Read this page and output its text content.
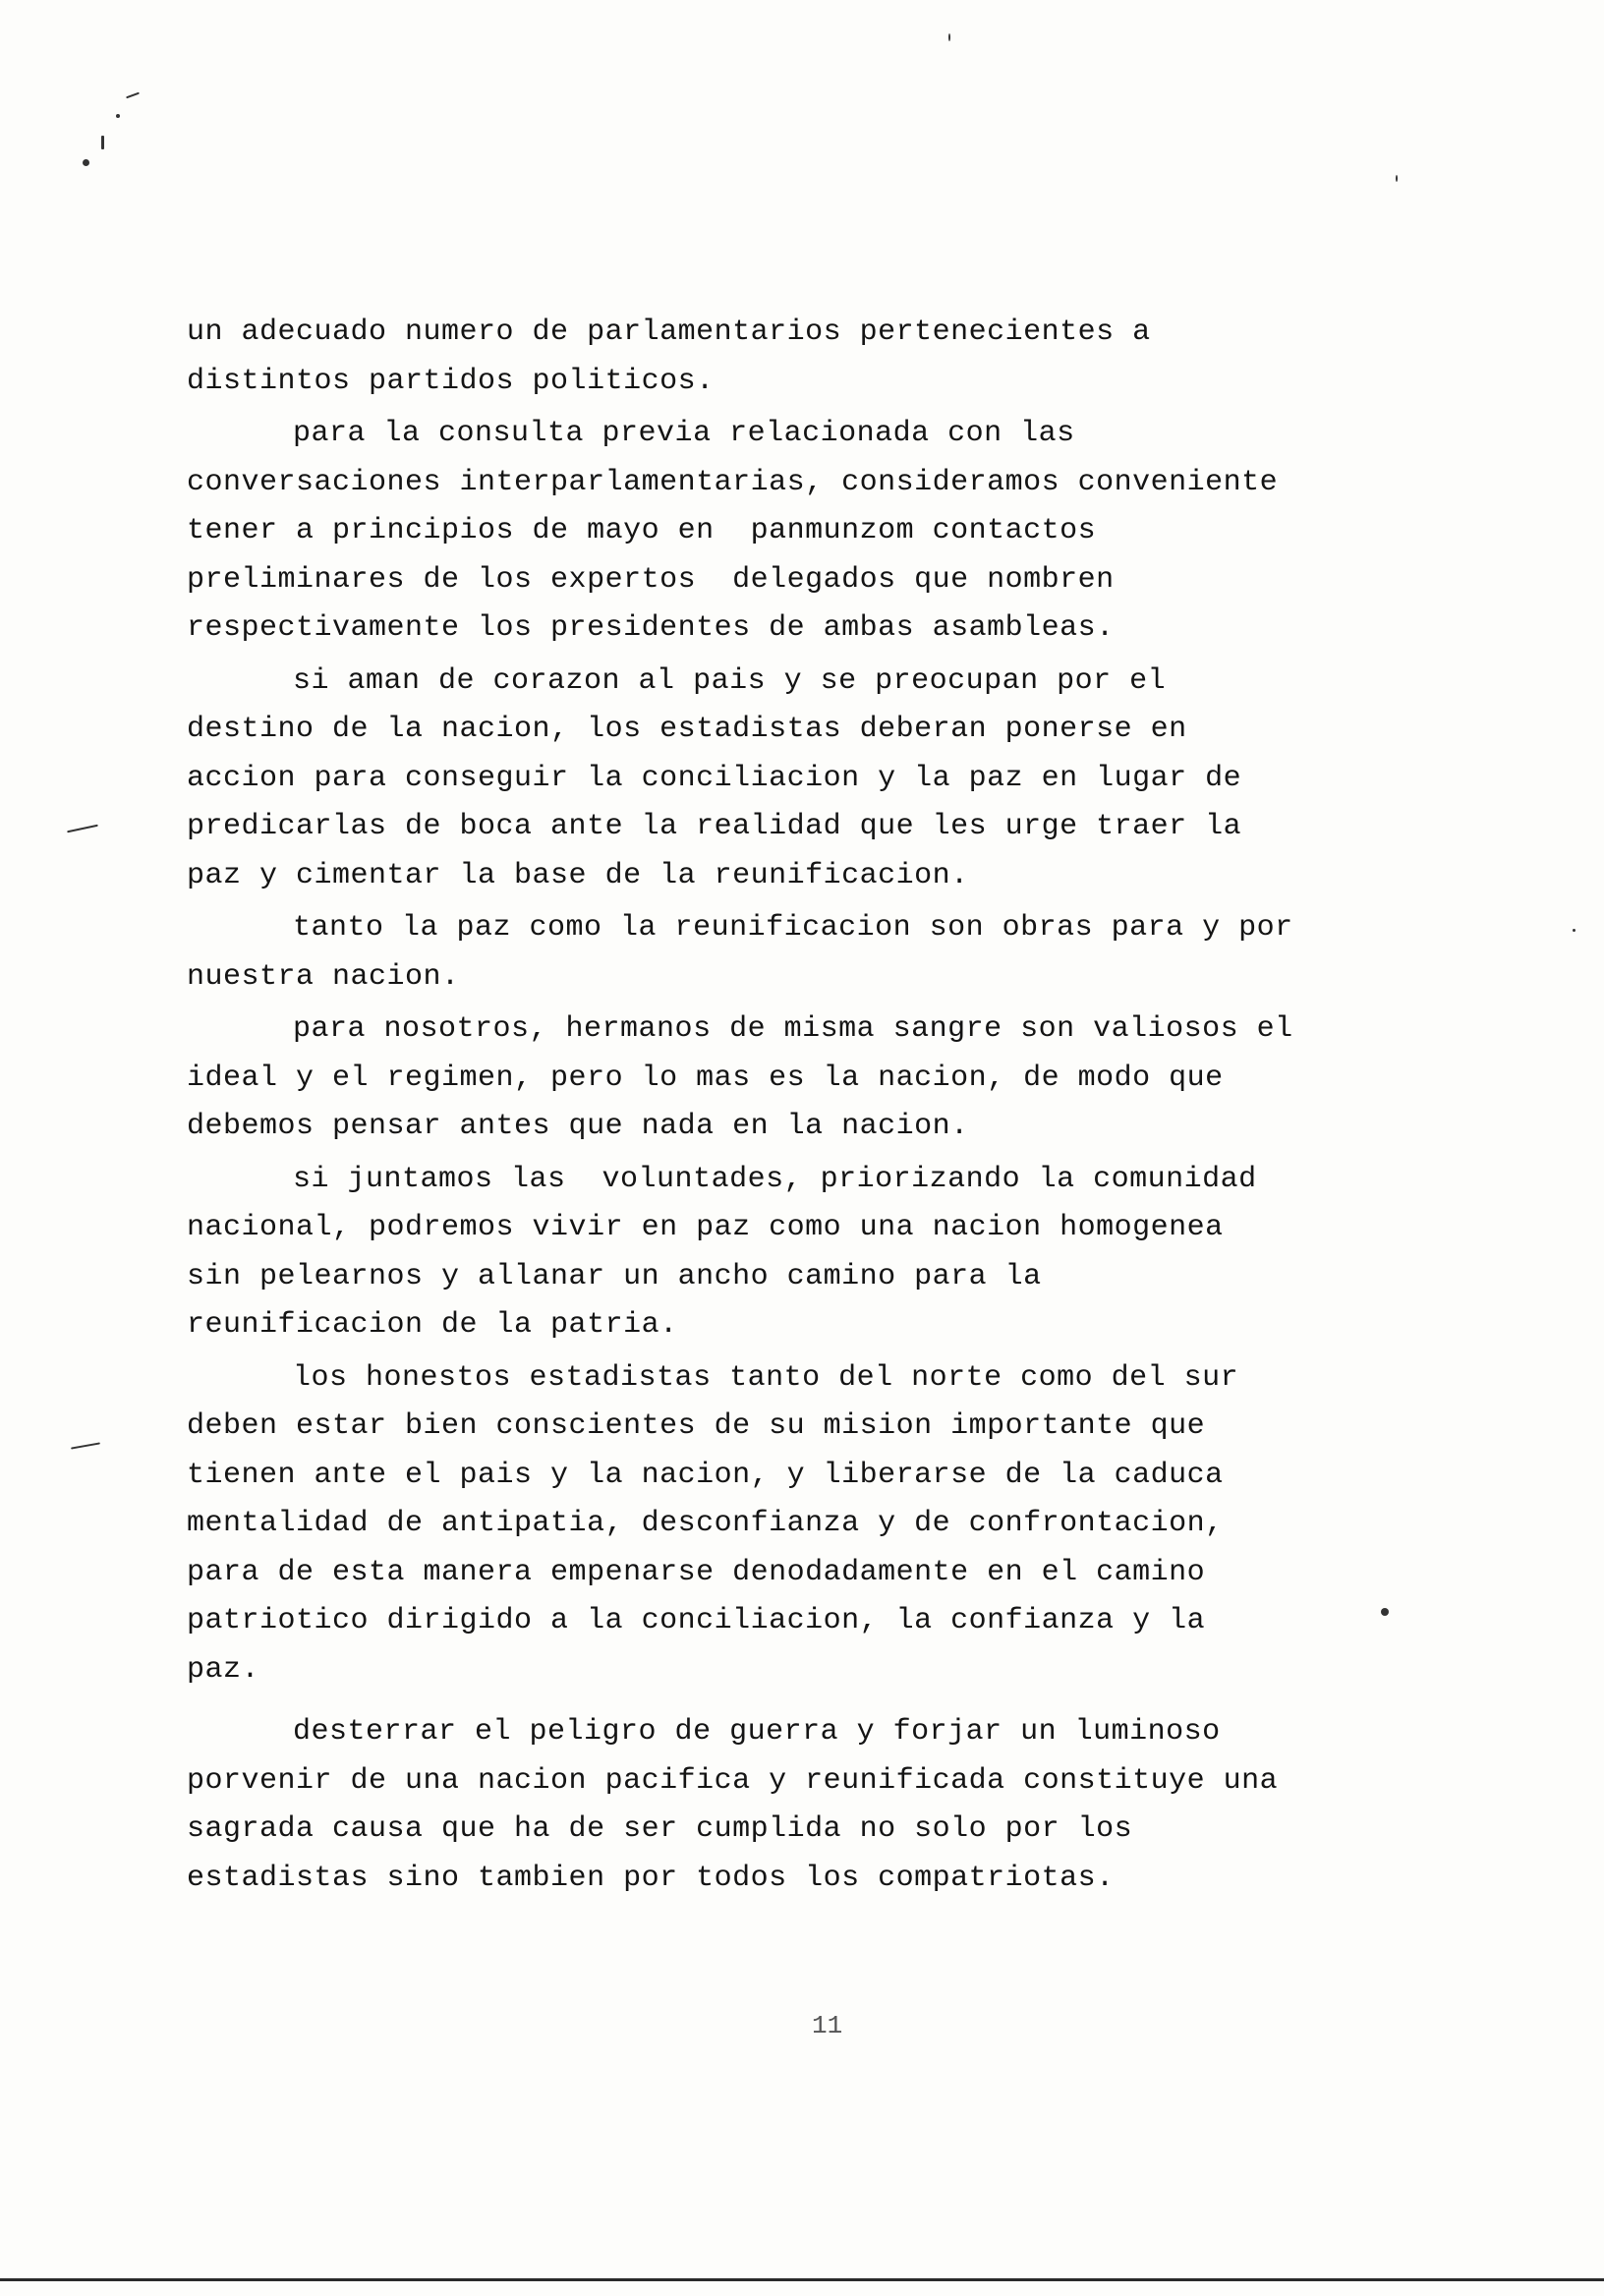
un adecuado numero de parlamentarios pertenecientes a
distintos partidos politicos.
para la consulta previa relacionada con las
conversaciones interparlamentarias, consideramos conveniente
tener a principios de mayo en  panmunzom contactos
preliminares de los expertos  delegados que nombren
respectivamente los presidentes de ambas asambleas.
si aman de corazon al pais y se preocupan por el
destino de la nacion, los estadistas deberan ponerse en
accion para conseguir la conciliacion y la paz en lugar de
predicarlas de boca ante la realidad que les urge traer la
paz y cimentar la base de la reunificacion.
tanto la paz como la reunificacion son obras para y por
nuestra nacion.
para nosotros, hermanos de misma sangre son valiosos el
ideal y el regimen, pero lo mas es la nacion, de modo que
debemos pensar antes que nada en la nacion.
si juntamos las  voluntades, priorizando la comunidad
nacional, podremos vivir en paz como una nacion homogenea
sin pelearnos y allanar un ancho camino para la
reunificacion de la patria.
los honestos estadistas tanto del norte como del sur
deben estar bien conscientes de su mision importante que
tienen ante el pais y la nacion, y liberarse de la caduca
mentalidad de antipatia, desconfianza y de confrontacion,
para de esta manera empenarse denodadamente en el camino
patriotico dirigido a la conciliacion, la confianza y la
paz.
desterrar el peligro de guerra y forjar un luminoso
porvenir de una nacion pacifica y reunificada constituye una
sagrada causa que ha de ser cumplida no solo por los
estadistas sino tambien por todos los compatriotas.
11
